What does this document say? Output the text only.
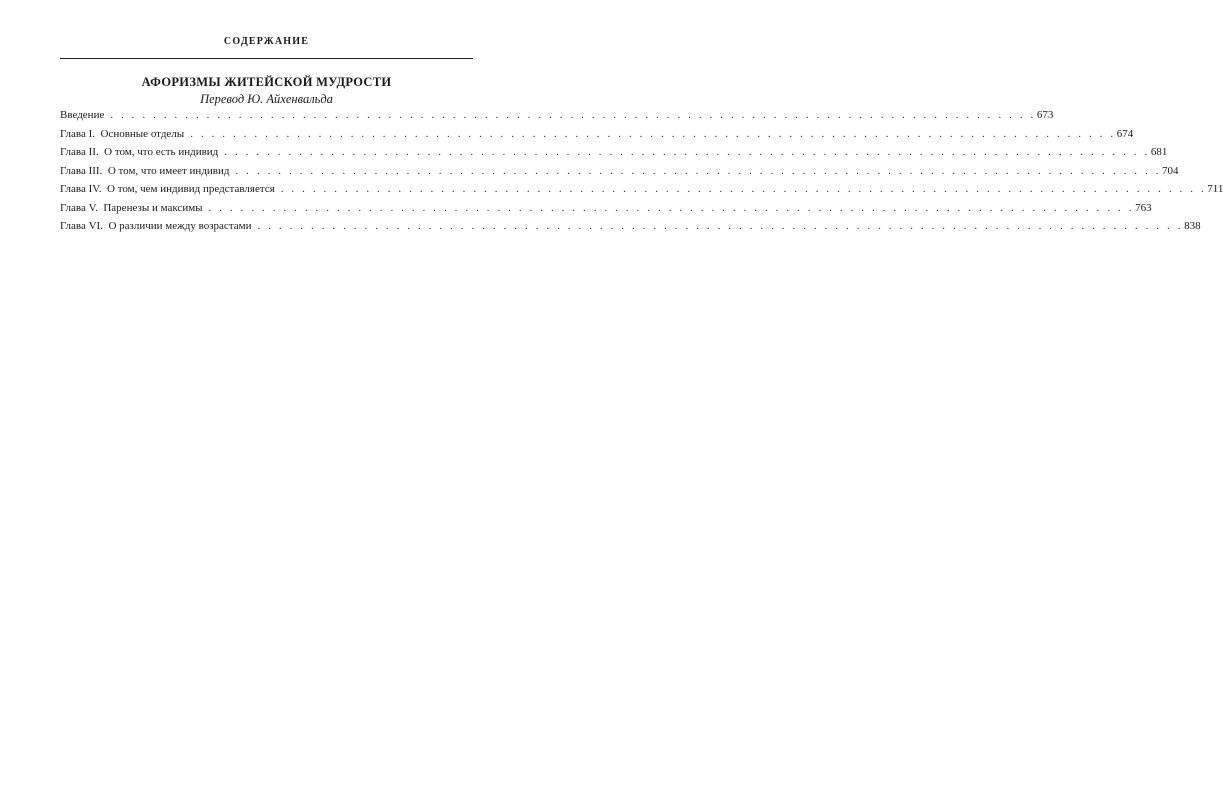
СОДЕРЖАНИЕ
АФОРИЗМЫ ЖИТЕЙСКОЙ МУДРОСТИ
Перевод Ю. Айхенвальда
Введение . . . . . . . . . . . . . . . . . . . . . . . . . . . . . . . . . . . . . . . . . . . . . . . . . . . . . . . . . . . . . . . . . . . . . . . . . . . . . . . . . . . . . . . 673
Глава I.  Основные отделы . . . . . . . . . . . . . . . . . . . . . . . . . . . . . . . . . . . . . . . . . . . . . . . . . . . . . . . . . . . . . . . . . . . . . . . . . . . . . . . . . . . . . . . 674
Глава II.  О том, что есть индивид . . . . . . . . . . . . . . . . . . . . . . . . . . . . . . . . . . . . . . . . . . . . . . . . . . . . . . . . . . . . . . . . . . . . . . . . . . . . . . . . . . . . . . . 681
Глава III.  О том, что имеет индивид . . . . . . . . . . . . . . . . . . . . . . . . . . . . . . . . . . . . . . . . . . . . . . . . . . . . . . . . . . . . . . . . . . . . . . . . . . . . . . . . . . . . . . . 704
Глава IV.  О том, чем индивид представляется . . . . . . . . . . . . . . . . . . . . . . . . . . . . . . . . . . . . . . . . . . . . . . . . . . . . . . . . . . . . . . . . . . . . . . . . . . . . . . . . . . . . . . . 711
Глава V.  Паренезы и максимы . . . . . . . . . . . . . . . . . . . . . . . . . . . . . . . . . . . . . . . . . . . . . . . . . . . . . . . . . . . . . . . . . . . . . . . . . . . . . . . . . . . . . . . 763
Глава VI.  О различии между возрастами . . . . . . . . . . . . . . . . . . . . . . . . . . . . . . . . . . . . . . . . . . . . . . . . . . . . . . . . . . . . . . . . . . . . . . . . . . . . . . . . . . . . . . . 838
